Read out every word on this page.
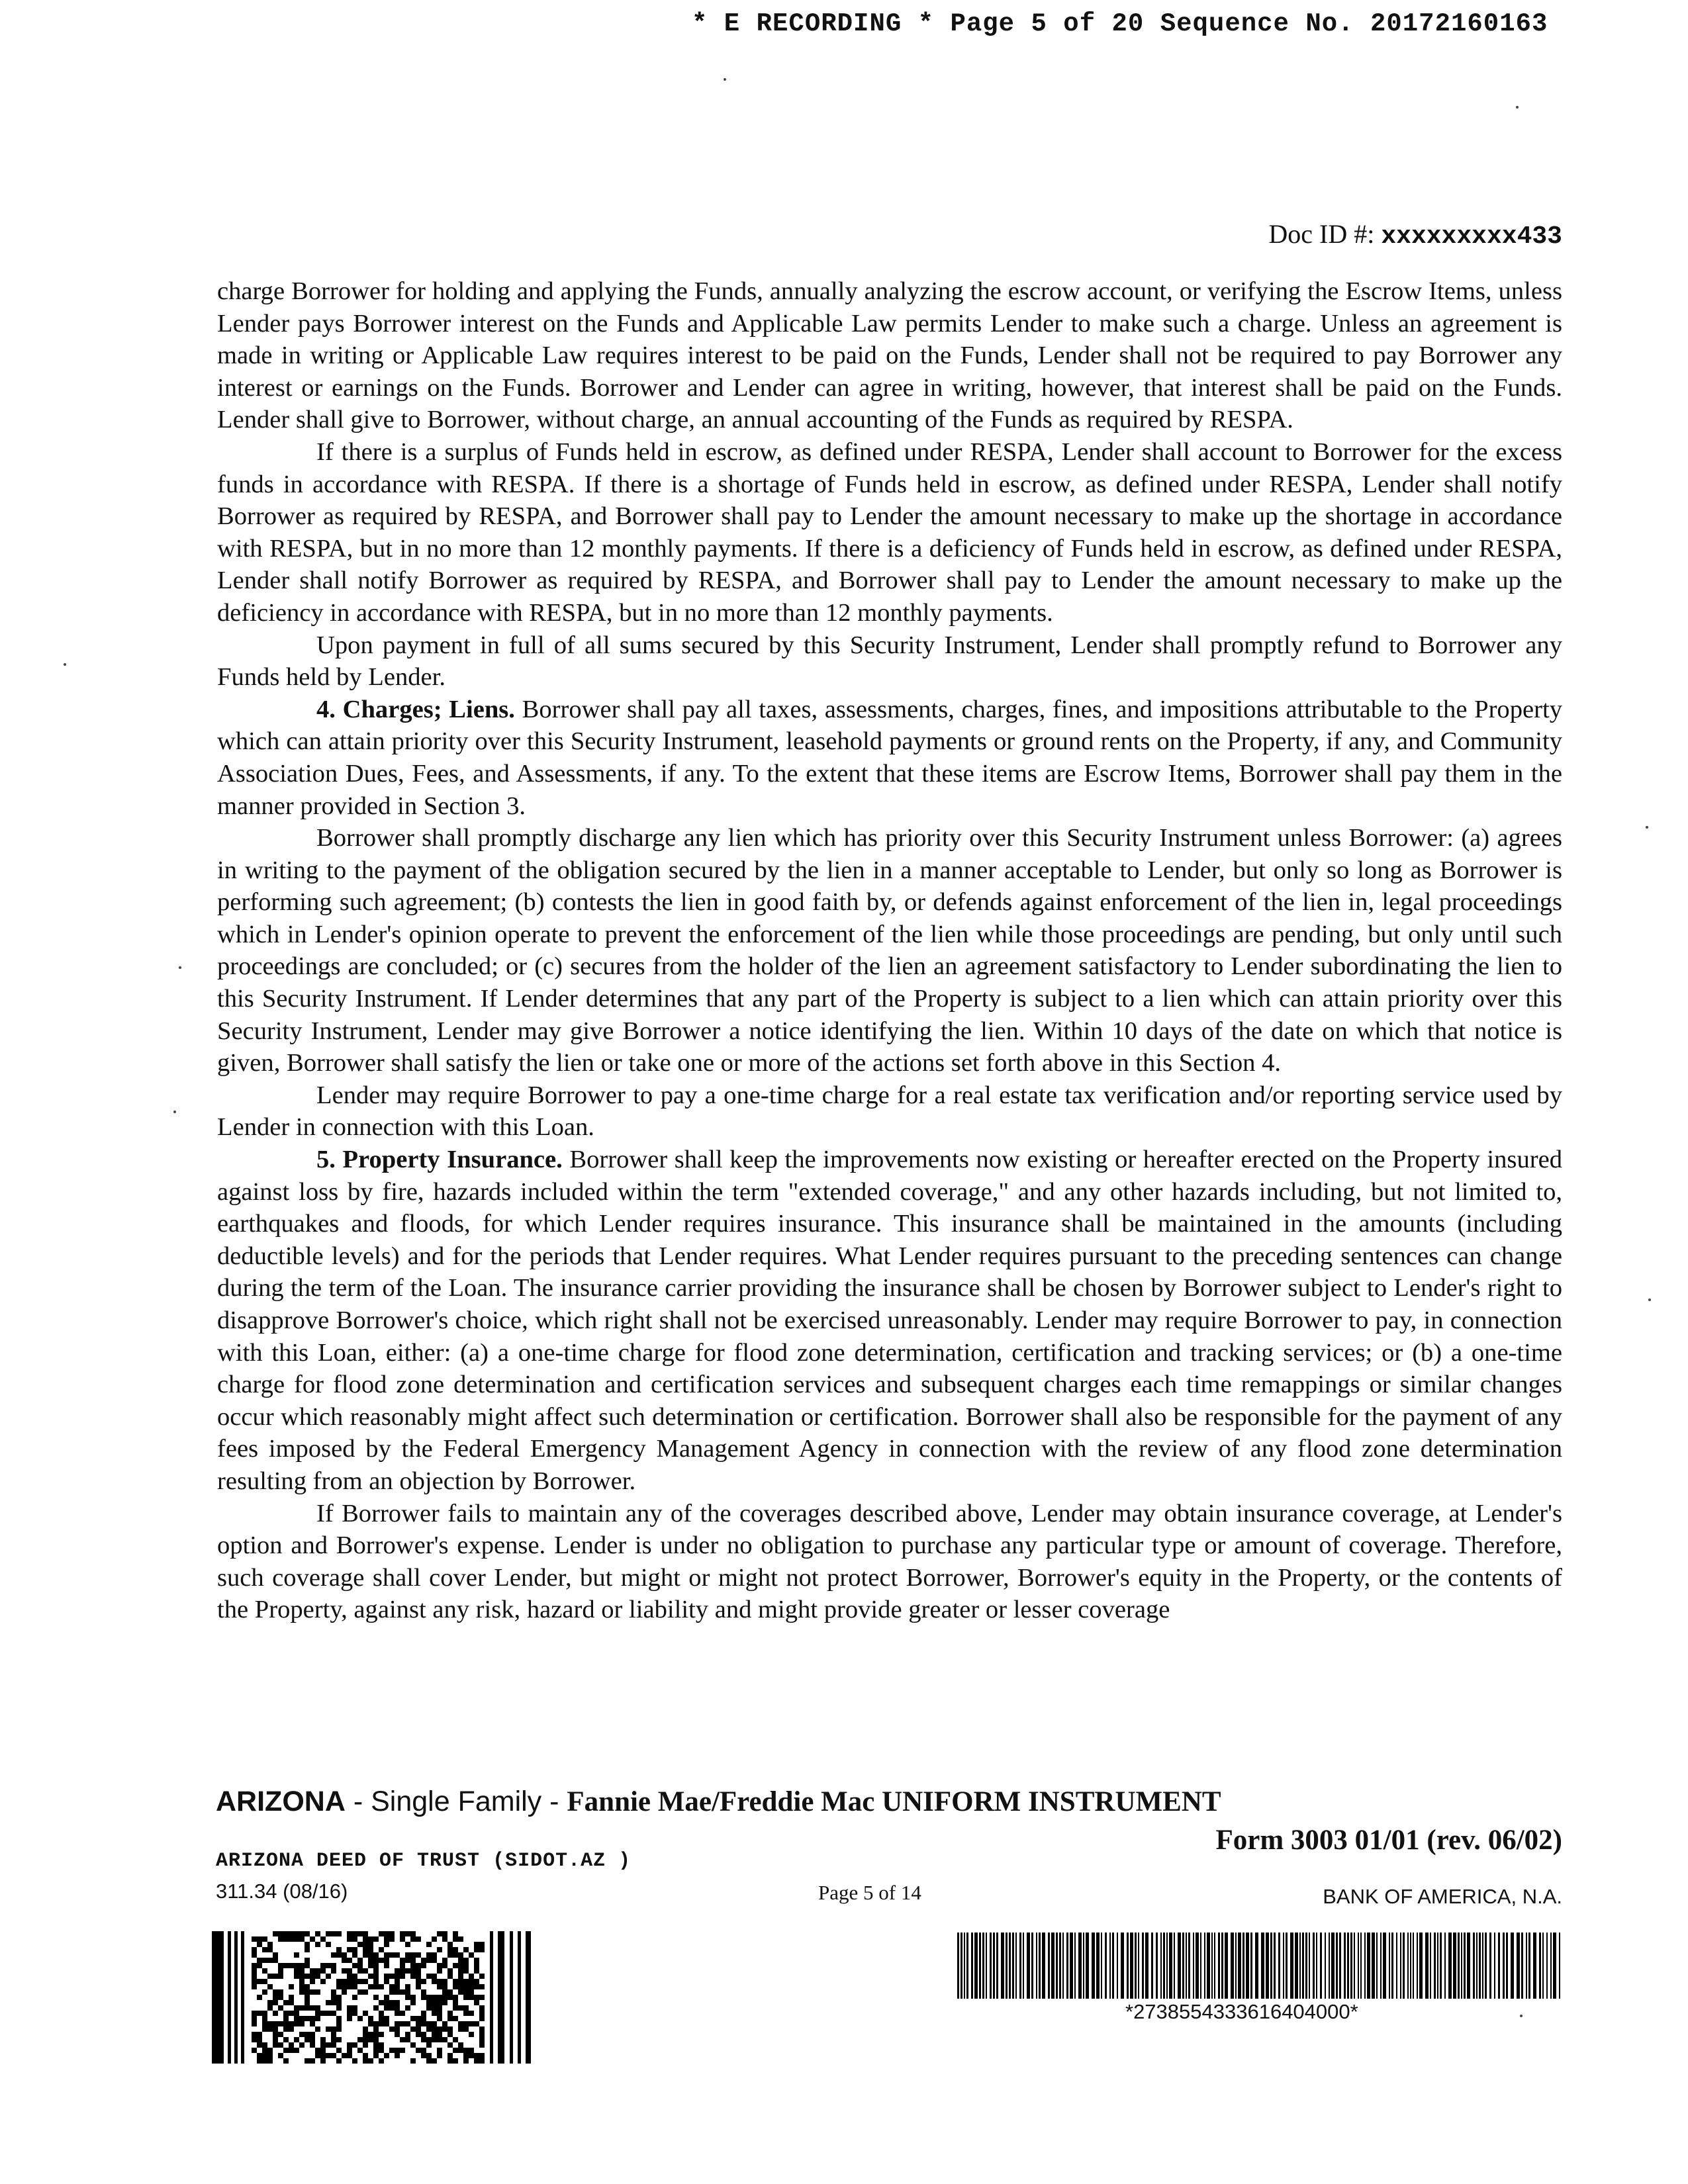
* E RECORDING * Page 5 of 20 Sequence No. 20172160163
Doc ID #: xxxxxxxxx433

charge Borrower for holding and applying the Funds, annually analyzing the escrow account, or verifying the Escrow Items, unless Lender pays Borrower interest on the Funds and Applicable Law permits Lender to make such a charge. Unless an agreement is made in writing or Applicable Law requires interest to be paid on the Funds, Lender shall not be required to pay Borrower any interest or earnings on the Funds. Borrower and Lender can agree in writing, however, that interest shall be paid on the Funds. Lender shall give to Borrower, without charge, an annual accounting of the Funds as required by RESPA.

If there is a surplus of Funds held in escrow, as defined under RESPA, Lender shall account to Borrower for the excess funds in accordance with RESPA. If there is a shortage of Funds held in escrow, as defined under RESPA, Lender shall notify Borrower as required by RESPA, and Borrower shall pay to Lender the amount necessary to make up the shortage in accordance with RESPA, but in no more than 12 monthly payments. If there is a deficiency of Funds held in escrow, as defined under RESPA, Lender shall notify Borrower as required by RESPA, and Borrower shall pay to Lender the amount necessary to make up the deficiency in accordance with RESPA, but in no more than 12 monthly payments.

Upon payment in full of all sums secured by this Security Instrument, Lender shall promptly refund to Borrower any Funds held by Lender.

4. Charges; Liens. Borrower shall pay all taxes, assessments, charges, fines, and impositions attributable to the Property which can attain priority over this Security Instrument, leasehold payments or ground rents on the Property, if any, and Community Association Dues, Fees, and Assessments, if any. To the extent that these items are Escrow Items, Borrower shall pay them in the manner provided in Section 3.

Borrower shall promptly discharge any lien which has priority over this Security Instrument unless Borrower: (a) agrees in writing to the payment of the obligation secured by the lien in a manner acceptable to Lender, but only so long as Borrower is performing such agreement; (b) contests the lien in good faith by, or defends against enforcement of the lien in, legal proceedings which in Lender's opinion operate to prevent the enforcement of the lien while those proceedings are pending, but only until such proceedings are concluded; or (c) secures from the holder of the lien an agreement satisfactory to Lender subordinating the lien to this Security Instrument. If Lender determines that any part of the Property is subject to a lien which can attain priority over this Security Instrument, Lender may give Borrower a notice identifying the lien. Within 10 days of the date on which that notice is given, Borrower shall satisfy the lien or take one or more of the actions set forth above in this Section 4.

Lender may require Borrower to pay a one-time charge for a real estate tax verification and/or reporting service used by Lender in connection with this Loan.

5. Property Insurance. Borrower shall keep the improvements now existing or hereafter erected on the Property insured against loss by fire, hazards included within the term "extended coverage," and any other hazards including, but not limited to, earthquakes and floods, for which Lender requires insurance. This insurance shall be maintained in the amounts (including deductible levels) and for the periods that Lender requires. What Lender requires pursuant to the preceding sentences can change during the term of the Loan. The insurance carrier providing the insurance shall be chosen by Borrower subject to Lender's right to disapprove Borrower's choice, which right shall not be exercised unreasonably. Lender may require Borrower to pay, in connection with this Loan, either: (a) a one-time charge for flood zone determination, certification and tracking services; or (b) a one-time charge for flood zone determination and certification services and subsequent charges each time remappings or similar changes occur which reasonably might affect such determination or certification. Borrower shall also be responsible for the payment of any fees imposed by the Federal Emergency Management Agency in connection with the review of any flood zone determination resulting from an objection by Borrower.

If Borrower fails to maintain any of the coverages described above, Lender may obtain insurance coverage, at Lender's option and Borrower's expense. Lender is under no obligation to purchase any particular type or amount of coverage. Therefore, such coverage shall cover Lender, but might or might not protect Borrower, Borrower's equity in the Property, or the contents of the Property, against any risk, hazard or liability and might provide greater or lesser coverage

ARIZONA - Single Family - Fannie Mae/Freddie Mac UNIFORM INSTRUMENT
Form 3003 01/01 (rev. 06/02)
ARIZONA DEED OF TRUST (SIDOT.AZ )
311.34 (08/16)	Page 5 of 14	BANK OF AMERICA, N.A.
*2738554333616404000*
